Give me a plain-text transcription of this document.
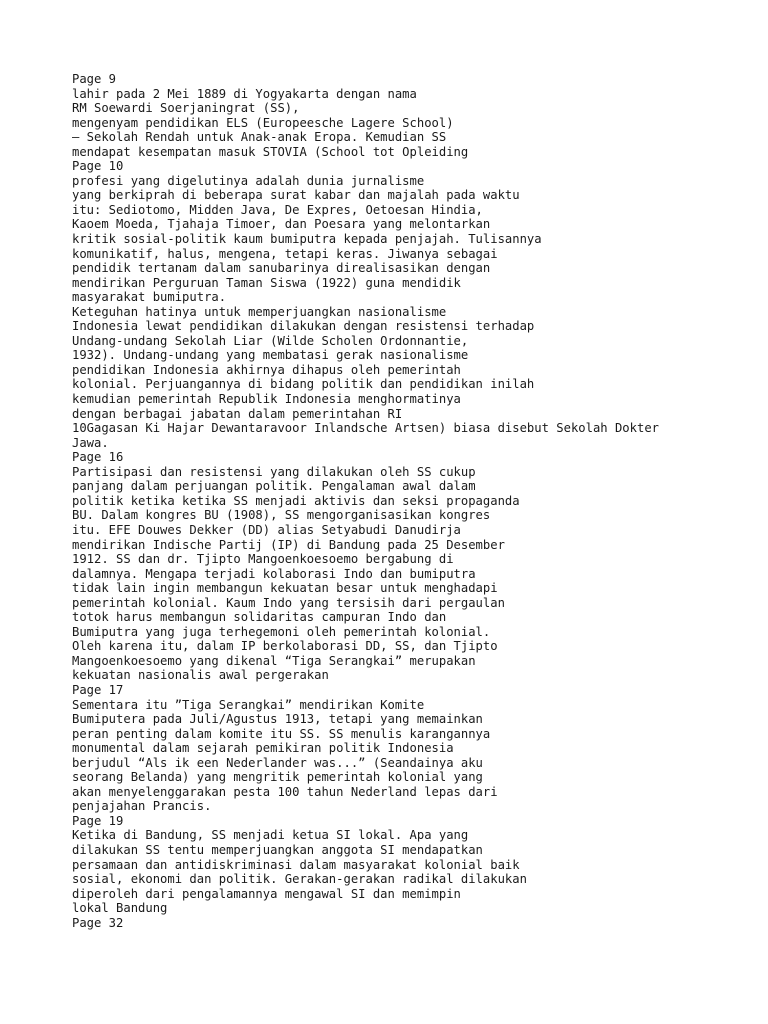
Page 9
lahir pada 2 Mei 1889 di Yogyakarta dengan nama
RM Soewardi Soerjaningrat (SS),
mengenyam pendidikan ELS (Europeesche Lagere School)
– Sekolah Rendah untuk Anak-anak Eropa. Kemudian SS
mendapat kesempatan masuk STOVIA (School tot Opleiding
Page 10
profesi yang digelutinya adalah dunia jurnalisme
yang berkiprah di beberapa surat kabar dan majalah pada waktu
itu: Sediotomo, Midden Java, De Expres, Oetoesan Hindia,
Kaoem Moeda, Tjahaja Timoer, dan Poesara yang melontarkan
kritik sosial-politik kaum bumiputra kepada penjajah. Tulisannya
komunikatif, halus, mengena, tetapi keras. Jiwanya sebagai
pendidik tertanam dalam sanubarinya direalisasikan dengan
mendirikan Perguruan Taman Siswa (1922) guna mendidik
masyarakat bumiputra.
Keteguhan hatinya untuk memperjuangkan nasionalisme
Indonesia lewat pendidikan dilakukan dengan resistensi terhadap
Undang-undang Sekolah Liar (Wilde Scholen Ordonnantie,
1932). Undang-undang yang membatasi gerak nasionalisme
pendidikan Indonesia akhirnya dihapus oleh pemerintah
kolonial. Perjuangannya di bidang politik dan pendidikan inilah
kemudian pemerintah Republik Indonesia menghormatinya
dengan berbagai jabatan dalam pemerintahan RI
10Gagasan Ki Hajar Dewantaravoor Inlandsche Artsen) biasa disebut Sekolah Dokter
Jawa.
Page 16
Partisipasi dan resistensi yang dilakukan oleh SS cukup
panjang dalam perjuangan politik. Pengalaman awal dalam
politik ketika ketika SS menjadi aktivis dan seksi propaganda
BU. Dalam kongres BU (1908), SS mengorganisasikan kongres
itu. EFE Douwes Dekker (DD) alias Setyabudi Danudirja
mendirikan Indische Partij (IP) di Bandung pada 25 Desember
1912. SS dan dr. Tjipto Mangoenkoesoemo bergabung di
dalamnya. Mengapa terjadi kolaborasi Indo dan bumiputra
tidak lain ingin membangun kekuatan besar untuk menghadapi
pemerintah kolonial. Kaum Indo yang tersisih dari pergaulan
totok harus membangun solidaritas campuran Indo dan
Bumiputra yang juga terhegemoni oleh pemerintah kolonial.
Oleh karena itu, dalam IP berkolaborasi DD, SS, dan Tjipto
Mangoenkoesoemo yang dikenal “Tiga Serangkai” merupakan
kekuatan nasionalis awal pergerakan
Page 17
Sementara itu ”Tiga Serangkai” mendirikan Komite
Bumiputera pada Juli/Agustus 1913, tetapi yang memainkan
peran penting dalam komite itu SS. SS menulis karangannya
monumental dalam sejarah pemikiran politik Indonesia
berjudul “Als ik een Nederlander was...” (Seandainya aku
seorang Belanda) yang mengritik pemerintah kolonial yang
akan menyelenggarakan pesta 100 tahun Nederland lepas dari
penjajahan Prancis.
Page 19
Ketika di Bandung, SS menjadi ketua SI lokal. Apa yang
dilakukan SS tentu memperjuangkan anggota SI mendapatkan
persamaan dan antidiskriminasi dalam masyarakat kolonial baik
sosial, ekonomi dan politik. Gerakan-gerakan radikal dilakukan
diperoleh dari pengalamannya mengawal SI dan memimpin
lokal Bandung
Page 32
